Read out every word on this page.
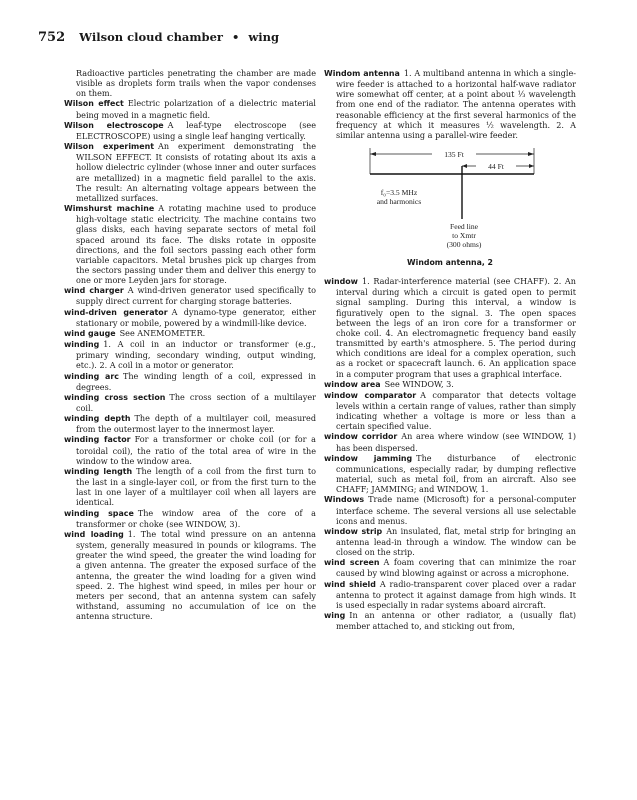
752 Wilson cloud chamber • wing

Radioactive particles penetrating the chamber are made visible as droplets form trails when the vapor condenses on them.

Wilson effect Electric polarization of a dielectric material being moved in a magnetic field.

Wilson electroscope A leaf-type electroscope (see ELECTROSCOPE) using a single leaf hanging vertically.

Wilson experiment An experiment demonstrating the WILSON EFFECT. It consists of rotating about its axis a hollow dielectric cylinder (whose inner and outer surfaces are metallized) in a magnetic field parallel to the axis. The result: An alternating voltage appears between the metallized surfaces.

Wimshurst machine A rotating machine used to produce high-voltage static electricity. The machine contains two glass disks, each having separate sectors of metal foil spaced around its face. The disks rotate in opposite directions, and the foil sectors passing each other form variable capacitors. Metal brushes pick up charges from the sectors passing under them and deliver this energy to one or more Leyden jars for storage.

wind charger A wind-driven generator used specifically to supply direct current for charging storage batteries.

wind-driven generator A dynamo-type generator, either stationary or mobile, powered by a windmill-like device.

wind gauge See ANEMOMETER.

winding 1. A coil in an inductor or transformer (e.g., primary winding, secondary winding, output winding, etc.). 2. A coil in a motor or generator.

winding arc The winding length of a coil, expressed in degrees.

winding cross section The cross section of a multilayer coil.

winding depth The depth of a multilayer coil, measured from the outermost layer to the innermost layer.

winding factor For a transformer or choke coil (or for a toroidal coil), the ratio of the total area of wire in the window to the window area.

winding length The length of a coil from the first turn to the last in a single-layer coil, or from the first turn to the last in one layer of a multilayer coil when all layers are identical.

winding space The window area of the core of a transformer or choke (see WINDOW, 3).

wind loading 1. The total wind pressure on an antenna system, generally measured in pounds or kilograms. The greater the wind speed, the greater the wind loading for a given antenna. The greater the exposed surface of the antenna, the greater the wind loading for a given wind speed. 2. The highest wind speed, in miles per hour or meters per second, that an antenna system can safely withstand, assuming no accumulation of ice on the antenna structure.

Windom antenna 1. A multiband antenna in which a single-wire feeder is attached to a horizontal half-wave radiator wire somewhat off center, at a point about ⅓ wavelength from one end of the radiator. The antenna operates with reasonable efficiency at the first several harmonics of the frequency at which it measures ½ wavelength. 2. A similar antenna using a parallel-wire feeder.

135 Ft
44 Ft
f₀=3.5 MHz
and harmonics
Feed line
to Xmtr
(300 ohms)
Windom antenna, 2

window 1. Radar-interference material (see CHAFF). 2. An interval during which a circuit is gated open to permit signal sampling. During this interval, a window is figuratively open to the signal. 3. The open spaces between the legs of an iron core for a transformer or choke coil. 4. An electromagnetic frequency band easily transmitted by earth's atmosphere. 5. The period during which conditions are ideal for a complex operation, such as a rocket or spacecraft launch. 6. An application space in a computer program that uses a graphical interface.

window area See WINDOW, 3.

window comparator A comparator that detects voltage levels within a certain range of values, rather than simply indicating whether a voltage is more or less than a certain specified value.

window corridor An area where window (see WINDOW, 1) has been dispersed.

window jamming The disturbance of electronic communications, especially radar, by dumping reflective material, such as metal foil, from an aircraft. Also see CHAFF; JAMMING; and WINDOW, 1.

Windows Trade name (Microsoft) for a personal-computer interface scheme. The several versions all use selectable icons and menus.

window strip An insulated, flat, metal strip for bringing an antenna lead-in through a window. The window can be closed on the strip.

wind screen A foam covering that can minimize the roar caused by wind blowing against or across a microphone.

wind shield A radio-transparent cover placed over a radar antenna to protect it against damage from high winds. It is used especially in radar systems aboard aircraft.

wing In an antenna or other radiator, a (usually flat) member attached to, and sticking out from,
